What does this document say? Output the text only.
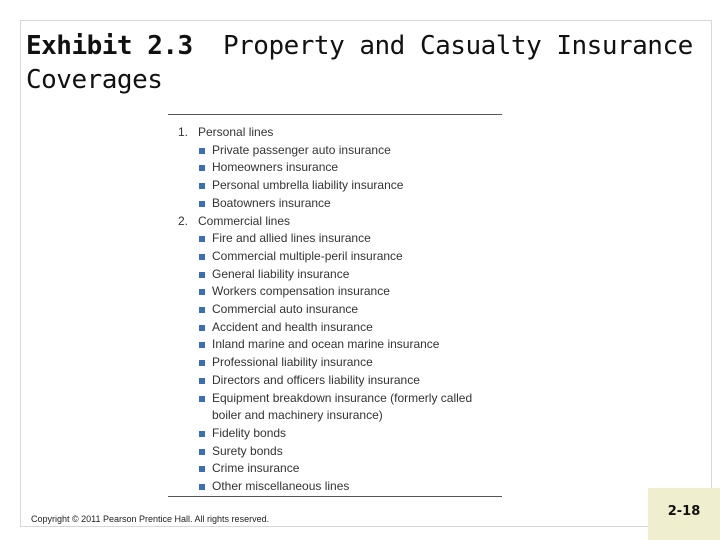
Exhibit 2.3 Property and Casualty Insurance
Coverages
1. Personal lines
Private passenger auto insurance
Homeowners insurance
Personal umbrella liability insurance
Boatowners insurance
2. Commercial lines
Fire and allied lines insurance
Commercial multiple-peril insurance
General liability insurance
Workers compensation insurance
Commercial auto insurance
Accident and health insurance
Inland marine and ocean marine insurance
Professional liability insurance
Directors and officers liability insurance
Equipment breakdown insurance (formerly called boiler and machinery insurance)
Fidelity bonds
Surety bonds
Crime insurance
Other miscellaneous lines
Copyright © 2011 Pearson Prentice Hall. All rights reserved.	2-18
